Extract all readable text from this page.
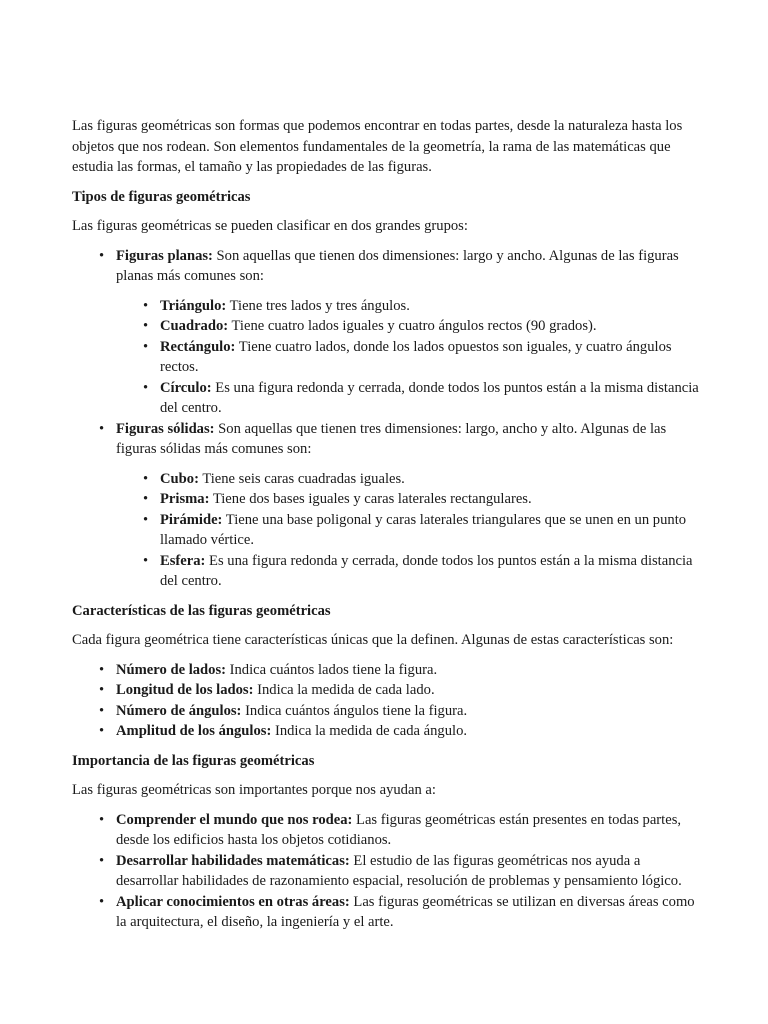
Las figuras geométricas son formas que podemos encontrar en todas partes, desde la naturaleza hasta los objetos que nos rodean. Son elementos fundamentales de la geometría, la rama de las matemáticas que estudia las formas, el tamaño y las propiedades de las figuras.

Tipos de figuras geométricas

Las figuras geométricas se pueden clasificar en dos grandes grupos:

• Figuras planas: Son aquellas que tienen dos dimensiones: largo y ancho. Algunas de las figuras planas más comunes son:
• Triángulo: Tiene tres lados y tres ángulos.
• Cuadrado: Tiene cuatro lados iguales y cuatro ángulos rectos (90 grados).
• Rectángulo: Tiene cuatro lados, donde los lados opuestos son iguales, y cuatro ángulos rectos.
• Círculo: Es una figura redonda y cerrada, donde todos los puntos están a la misma distancia del centro.
• Figuras sólidas: Son aquellas que tienen tres dimensiones: largo, ancho y alto. Algunas de las figuras sólidas más comunes son:
• Cubo: Tiene seis caras cuadradas iguales.
• Prisma: Tiene dos bases iguales y caras laterales rectangulares.
• Pirámide: Tiene una base poligonal y caras laterales triangulares que se unen en un punto llamado vértice.
• Esfera: Es una figura redonda y cerrada, donde todos los puntos están a la misma distancia del centro.
Características de las figuras geométricas

Cada figura geométrica tiene características únicas que la definen. Algunas de estas características son:

• Número de lados: Indica cuántos lados tiene la figura.
• Longitud de los lados: Indica la medida de cada lado.
• Número de ángulos: Indica cuántos ángulos tiene la figura.
• Amplitud de los ángulos: Indica la medida de cada ángulo.
Importancia de las figuras geométricas

Las figuras geométricas son importantes porque nos ayudan a:

• Comprender el mundo que nos rodea: Las figuras geométricas están presentes en todas partes, desde los edificios hasta los objetos cotidianos.
• Desarrollar habilidades matemáticas: El estudio de las figuras geométricas nos ayuda a desarrollar habilidades de razonamiento espacial, resolución de problemas y pensamiento lógico.
• Aplicar conocimientos en otras áreas: Las figuras geométricas se utilizan en diversas áreas como la arquitectura, el diseño, la ingeniería y el arte.
